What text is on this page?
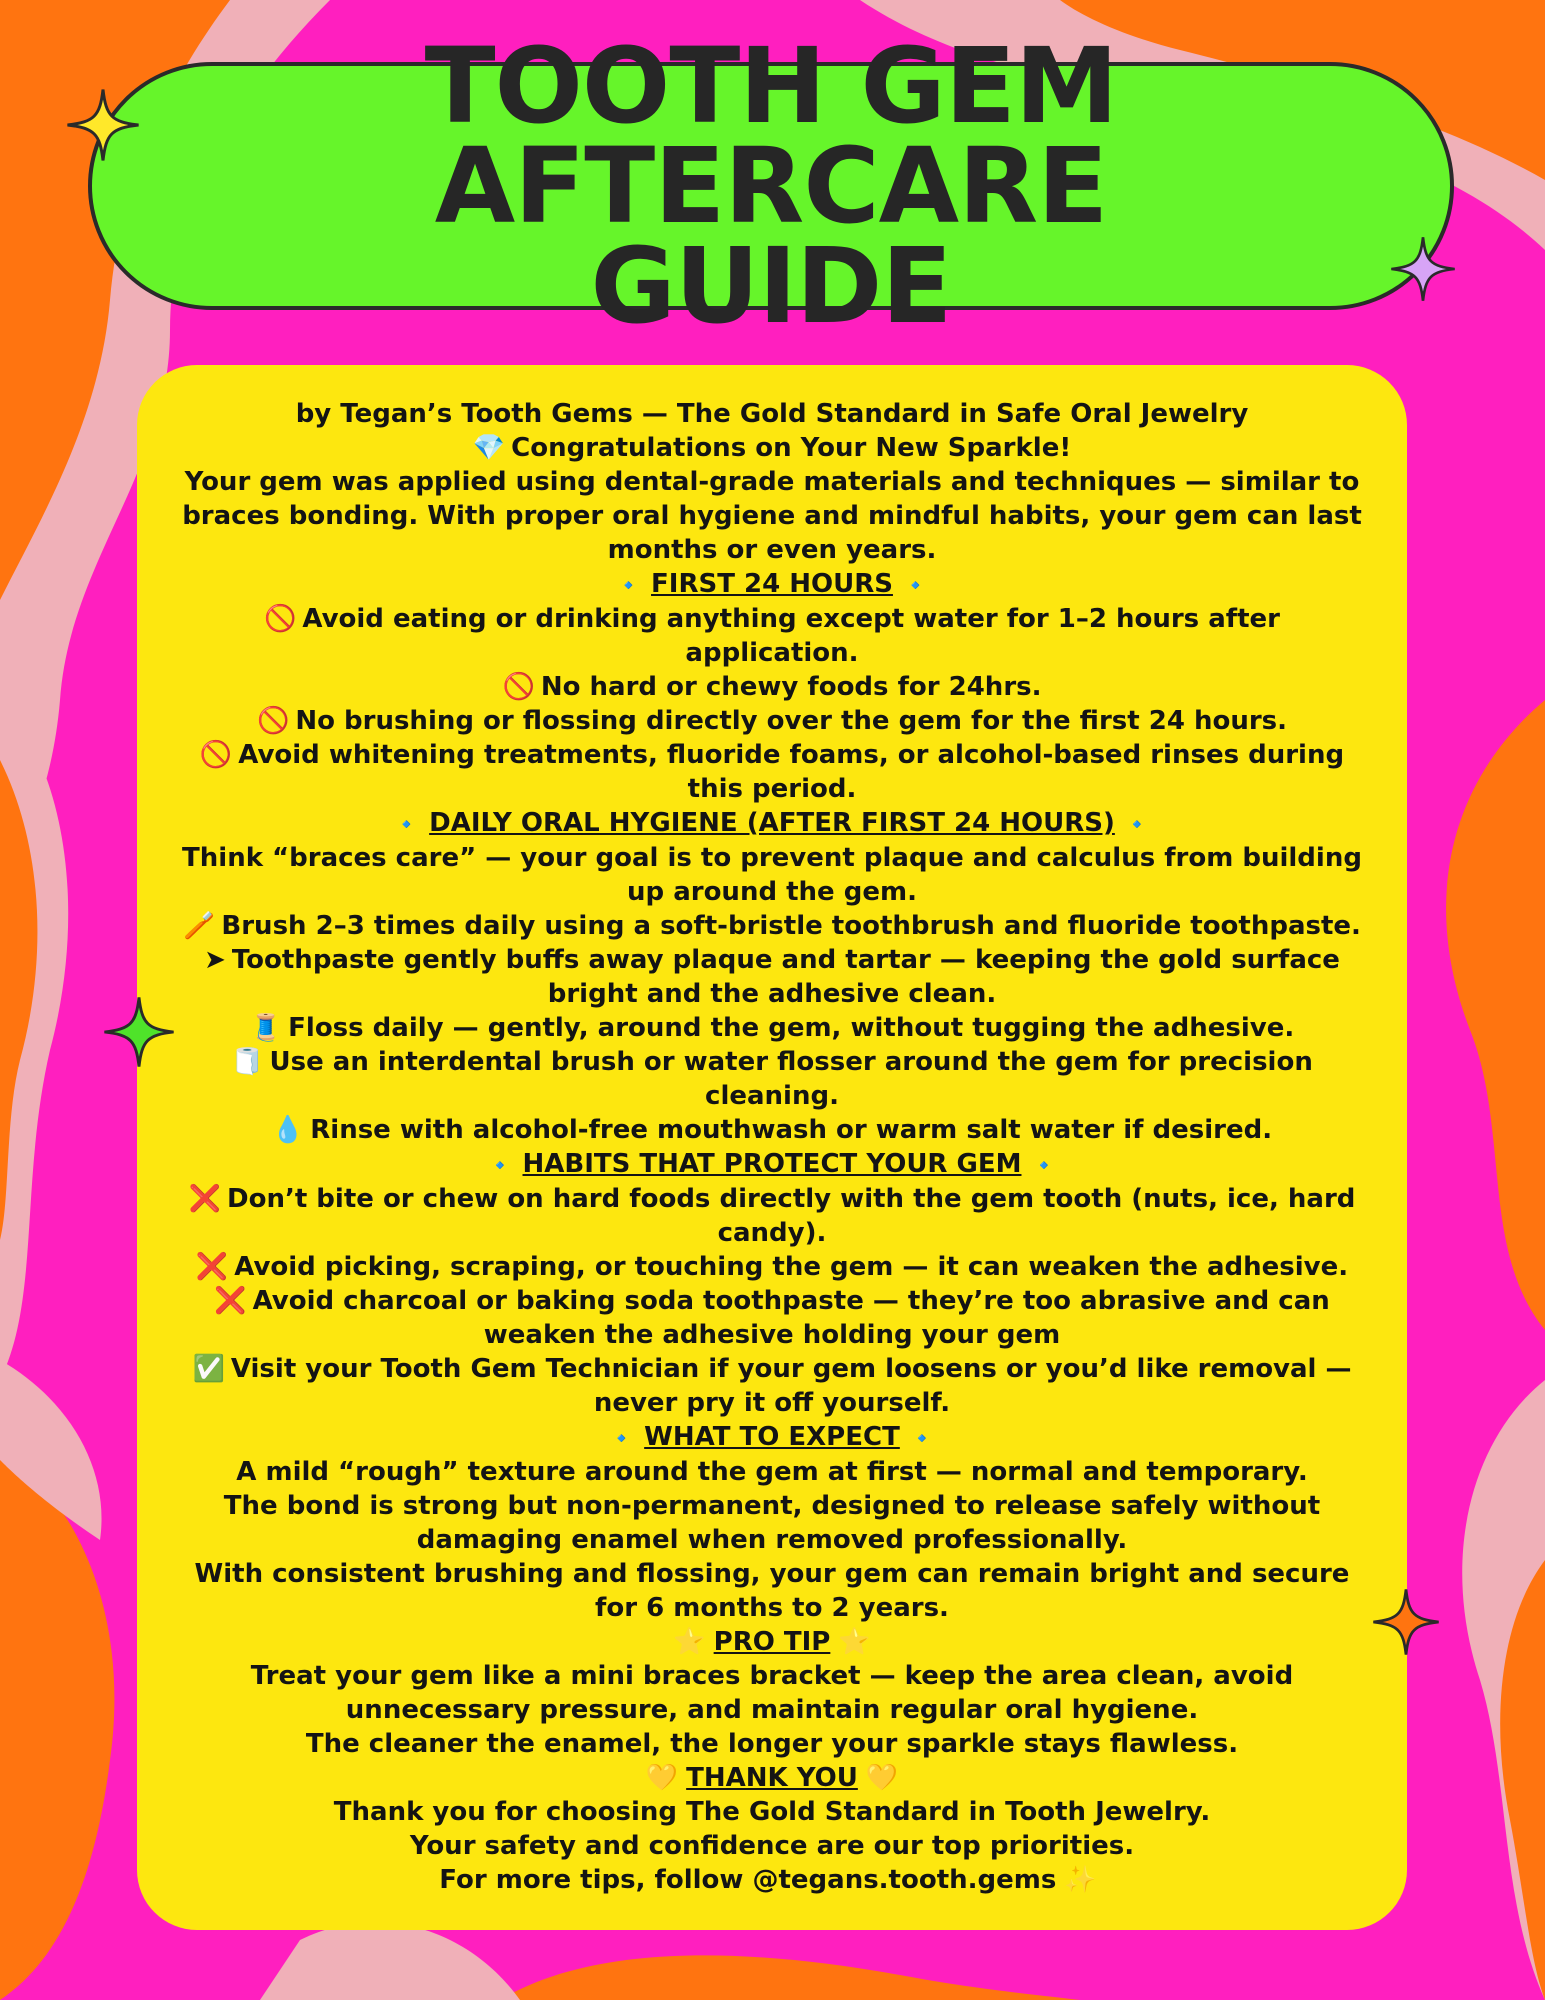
TOOTH GEM AFTERCARE
GUIDE
by Tegan’s Tooth Gems — The Gold Standard in Safe Oral Jewelry
💎 Congratulations on Your New Sparkle!
Your gem was applied using dental-grade materials and techniques — similar to
braces bonding. With proper oral hygiene and mindful habits, your gem can last
months or even years.
🔹 FIRST 24 HOURS 🔹
🚫 Avoid eating or drinking anything except water for 1–2 hours after
application.
🚫 No hard or chewy foods for 24hrs.
🚫 No brushing or flossing directly over the gem for the first 24 hours.
🚫 Avoid whitening treatments, fluoride foams, or alcohol-based rinses during
this period.
🔹 DAILY ORAL HYGIENE (AFTER FIRST 24 HOURS) 🔹
Think “braces care” — your goal is to prevent plaque and calculus from building
up around the gem.
🪥 Brush 2–3 times daily using a soft-bristle toothbrush and fluoride toothpaste.
➤ Toothpaste gently buffs away plaque and tartar — keeping the gold surface
bright and the adhesive clean.
🧵 Floss daily — gently, around the gem, without tugging the adhesive.
🧻 Use an interdental brush or water flosser around the gem for precision
cleaning.
💧 Rinse with alcohol-free mouthwash or warm salt water if desired.
🔹 HABITS THAT PROTECT YOUR GEM 🔹
❌ Don’t bite or chew on hard foods directly with the gem tooth (nuts, ice, hard
candy).
❌ Avoid picking, scraping, or touching the gem — it can weaken the adhesive.
❌ Avoid charcoal or baking soda toothpaste — they’re too abrasive and can
weaken the adhesive holding your gem
✅ Visit your Tooth Gem Technician if your gem loosens or you’d like removal —
never pry it off yourself.
🔹 WHAT TO EXPECT 🔹
A mild “rough” texture around the gem at first — normal and temporary.
The bond is strong but non-permanent, designed to release safely without
damaging enamel when removed professionally.
With consistent brushing and flossing, your gem can remain bright and secure
for 6 months to 2 years.
⭐ PRO TIP ⭐
Treat your gem like a mini braces bracket — keep the area clean, avoid
unnecessary pressure, and maintain regular oral hygiene.
The cleaner the enamel, the longer your sparkle stays flawless.
💛 THANK YOU 💛
Thank you for choosing The Gold Standard in Tooth Jewelry.
Your safety and confidence are our top priorities.
For more tips, follow @tegans.tooth.gems ✨
